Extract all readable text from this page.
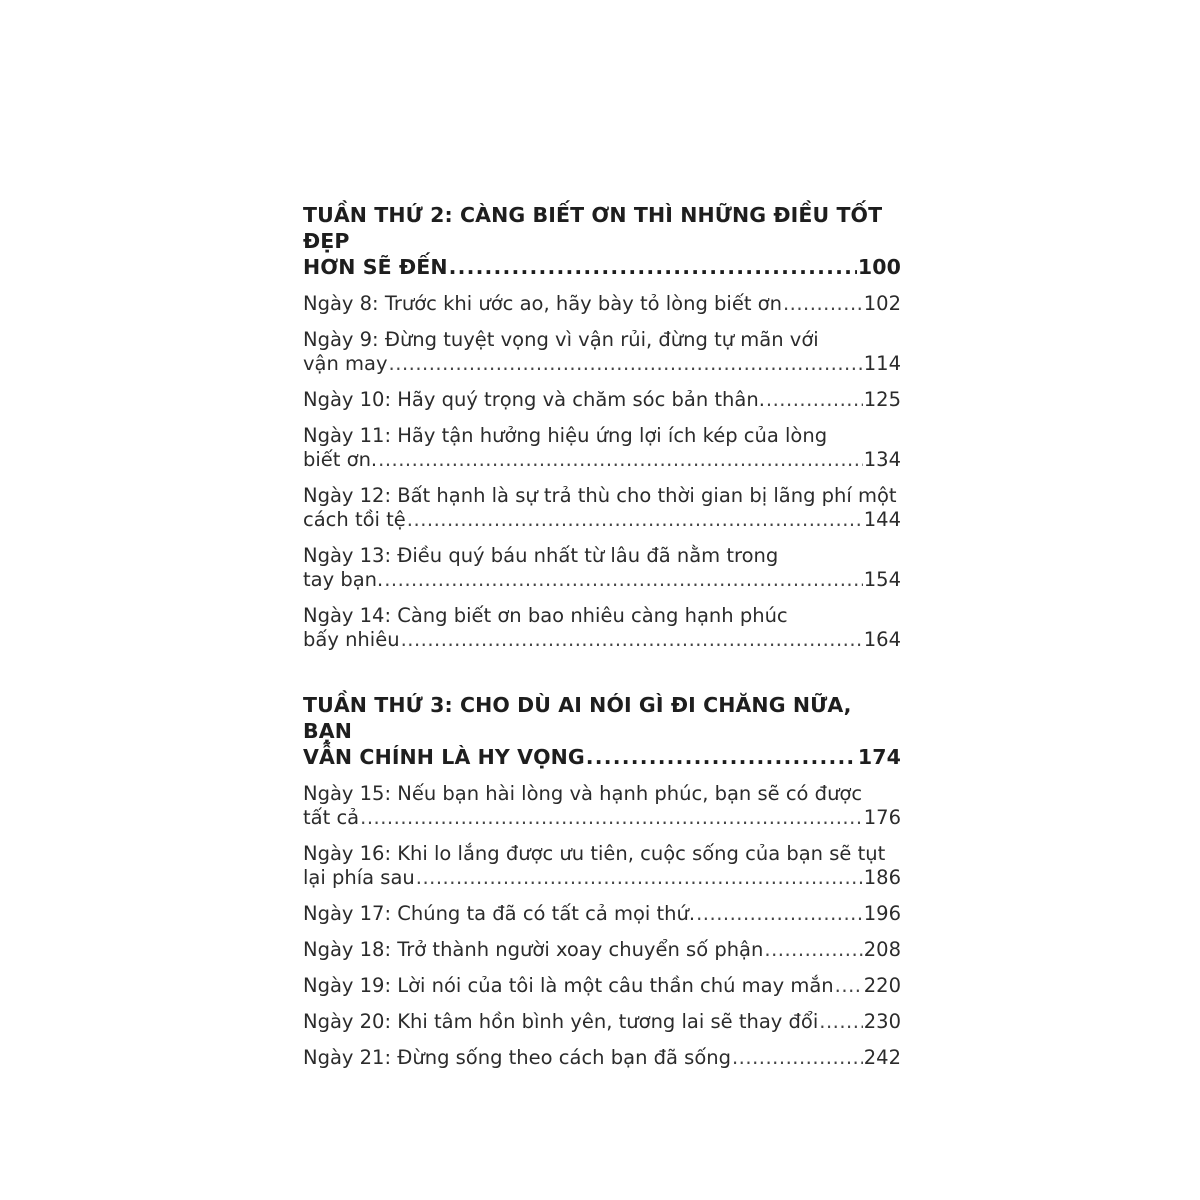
TUẦN THỨ 2: CÀNG BIẾT ƠN THÌ NHỮNG ĐIỀU TỐT ĐẸP
HƠN SẼ ĐẾN .....	100
Ngày 8: Trước khi ước ao, hãy bày tỏ lòng biết ơn .....	102
Ngày 9: Đừng tuyệt vọng vì vận rủi, đừng tự mãn với
vận may .....	114
Ngày 10: Hãy quý trọng và chăm sóc bản thân. .....	125
Ngày 11: Hãy tận hưởng hiệu ứng lợi ích kép của lòng
biết ơn. .....	134
Ngày 12: Bất hạnh là sự trả thù cho thời gian bị lãng phí một
cách tồi tệ .....	144
Ngày 13: Điều quý báu nhất từ lâu đã nằm trong
tay bạn. .....	154
Ngày 14: Càng biết ơn bao nhiêu càng hạnh phúc
bấy nhiêu .....	164
TUẦN THỨ 3: CHO DÙ AI NÓI GÌ ĐI CHĂNG NỮA, BẠN
VẪN CHÍNH LÀ HY VỌNG .....	174
Ngày 15: Nếu bạn hài lòng và hạnh phúc, bạn sẽ có được
tất cả .....	176
Ngày 16: Khi lo lắng được ưu tiên, cuộc sống của bạn sẽ tụt
lại phía sau .....	186
Ngày 17: Chúng ta đã có tất cả mọi thứ. .....	196
Ngày 18: Trở thành người xoay chuyển số phận .....	208
Ngày 19: Lời nói của tôi là một câu thần chú may mắn ..... 220
Ngày 20: Khi tâm hồn bình yên, tương lai sẽ thay đổi ..... 230
Ngày 21: Đừng sống theo cách bạn đã sống .....	242
